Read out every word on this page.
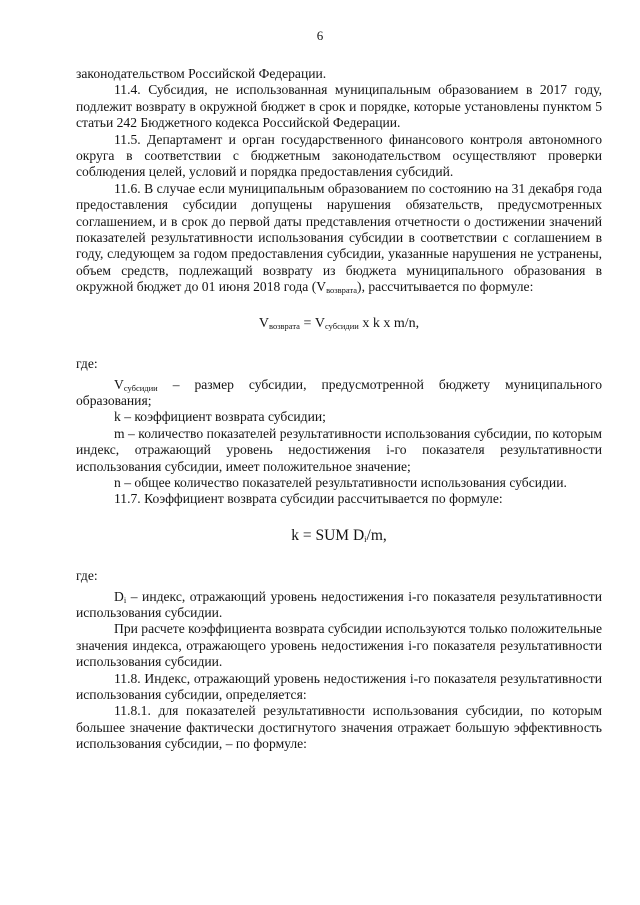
6

законодательством Российской Федерации.

11.4. Субсидия, не использованная муниципальным образованием в 2017 году, подлежит возврату в окружной бюджет в срок и порядке, которые установлены пунктом 5 статьи 242 Бюджетного кодекса Российской Федерации.

11.5. Департамент и орган государственного финансового контроля автономного округа в соответствии с бюджетным законодательством осуществляют проверки соблюдения целей, условий и порядка предоставления субсидий.

11.6. В случае если муниципальным образованием по состоянию на 31 декабря года предоставления субсидии допущены нарушения обязательств, предусмотренных соглашением, и в срок до первой даты представления отчетности о достижении значений показателей результативности использования субсидии в соответствии с соглашением в году, следующем за годом предоставления субсидии, указанные нарушения не устранены, объем средств, подлежащий возврату из бюджета муниципального образования в окружной бюджет до 01 июня 2018 года $(V_{возврата})$, рассчитывается по формуле:

$V_{возврата} = V_{субсидии}$ x k x m/n,

где:

$V_{субсидии}$ – размер субсидии, предусмотренной бюджету муниципального образования;

k – коэффициент возврата субсидии;

m – количество показателей результативности использования субсидии, по которым индекс, отражающий уровень недостижения i-го показателя результативности использования субсидии, имеет положительное значение;

n – общее количество показателей результативности использования субсидии.

11.7. Коэффициент возврата субсидии рассчитывается по формуле:

k = SUM $D_i/m$,

где:

$D_i$ – индекс, отражающий уровень недостижения i-го показателя результативности использования субсидии.

При расчете коэффициента возврата субсидии используются только положительные значения индекса, отражающего уровень недостижения i-го показателя результативности использования субсидии.

11.8. Индекс, отражающий уровень недостижения i-го показателя результативности использования субсидии, определяется:

11.8.1. для показателей результативности использования субсидии, по которым большее значение фактически достигнутого значения отражает большую эффективность использования субсидии, – по формуле:
